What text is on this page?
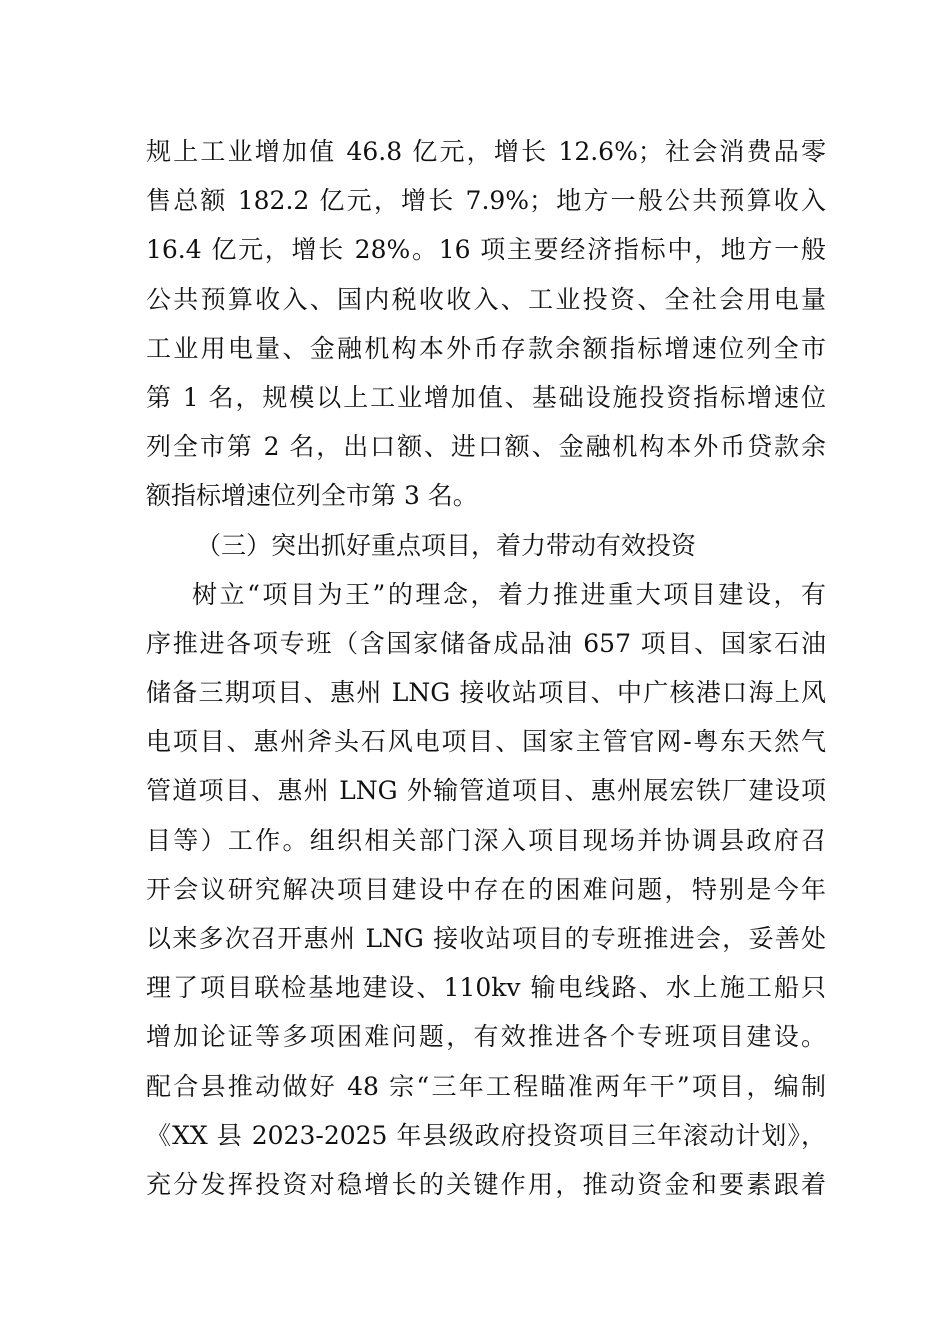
规上工业增加值 46.8 亿元，增长 12.6%；社会消费品零
售总额 182.2 亿元，增长 7.9%；地方一般公共预算收入
16.4 亿元，增长 28%。16 项主要经济指标中，地方一般
公共预算收入、国内税收收入、工业投资、全社会用电量
工业用电量、金融机构本外币存款余额指标增速位列全市
第 1 名，规模以上工业增加值、基础设施投资指标增速位
列全市第 2 名，出口额、进口额、金融机构本外币贷款余
额指标增速位列全市第 3 名。
（三）突出抓好重点项目，着力带动有效投资
树立“项目为王”的理念，着力推进重大项目建设，有
序推进各项专班（含国家储备成品油 657 项目、国家石油
储备三期项目、惠州 LNG 接收站项目、中广核港口海上风
电项目、惠州斧头石风电项目、国家主管官网-粤东天然气
管道项目、惠州 LNG 外输管道项目、惠州展宏铁厂建设项
目等）工作。组织相关部门深入项目现场并协调县政府召
开会议研究解决项目建设中存在的困难问题，特别是今年
以来多次召开惠州 LNG 接收站项目的专班推进会，妥善处
理了项目联检基地建设、110kv 输电线路、水上施工船只
增加论证等多项困难问题，有效推进各个专班项目建设。
配合县推动做好 48 宗“三年工程瞄准两年干”项目，编制
《XX 县 2023-2025 年县级政府投资项目三年滚动计划》，
充分发挥投资对稳增长的关键作用，推动资金和要素跟着
